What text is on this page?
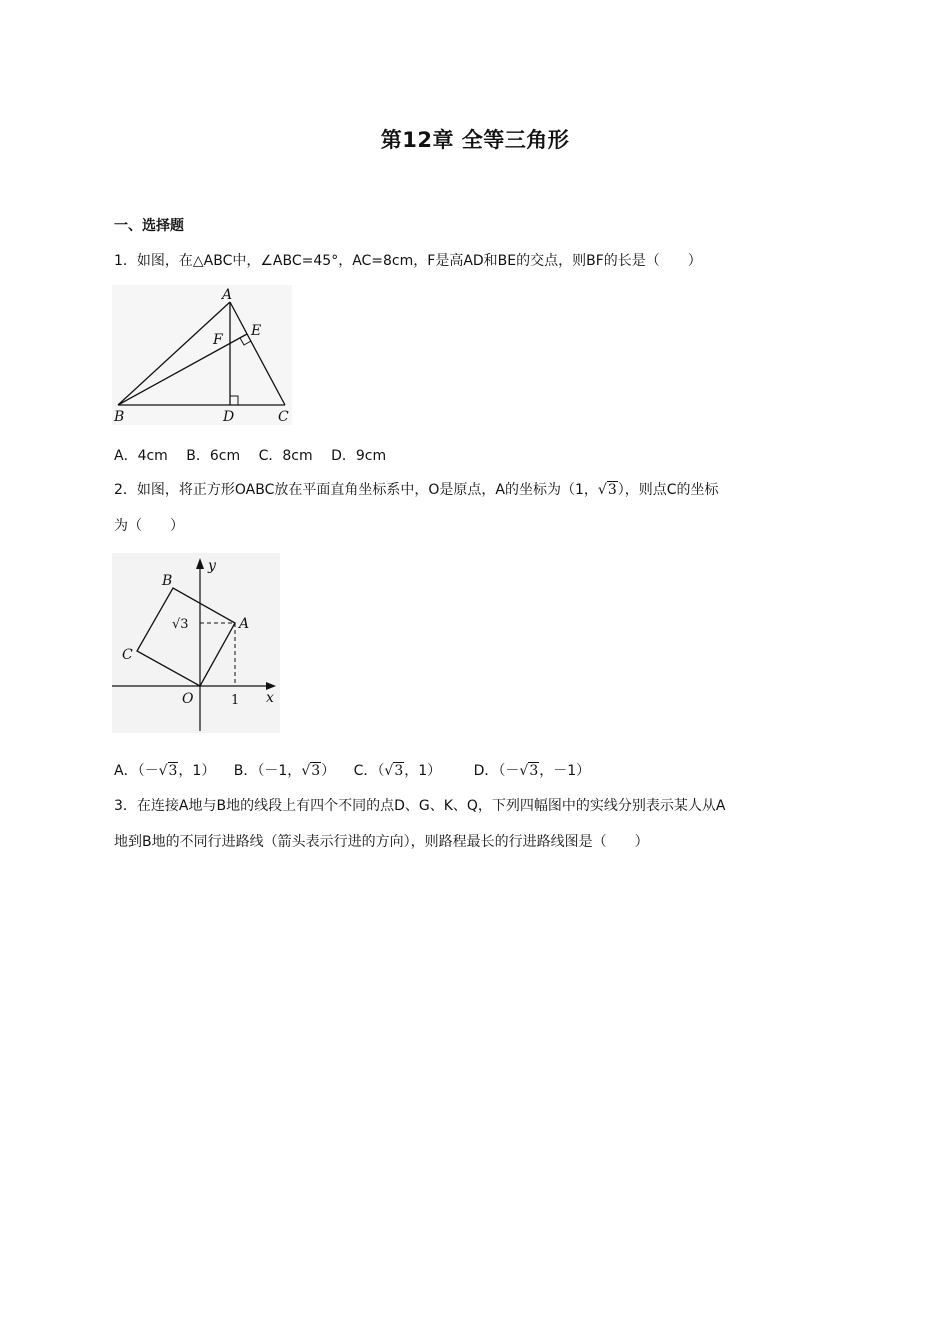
第12章 全等三角形
一、选择题
1．如图，在△ABC中，∠ABC=45°，AC=8cm，F是高AD和BE的交点，则BF的长是（　　）
A
E
F
B	D	C
A．4cm B．6cm C．8cm D．9cm
2．如图，将正方形OABC放在平面直角坐标系中，O是原点，A的坐标为（1，√3），则点C的坐标
为（　　）
y
x
B
A
C
O	1
√3
A．（－√3，1） B．（－1，√3） C．（√3，1） D．（－√3，－1）
3．在连接A地与B地的线段上有四个不同的点D、G、K、Q，下列四幅图中的实线分别表示某人从A
地到B地的不同行进路线（箭头表示行进的方向），则路程最长的行进路线图是（　　）
